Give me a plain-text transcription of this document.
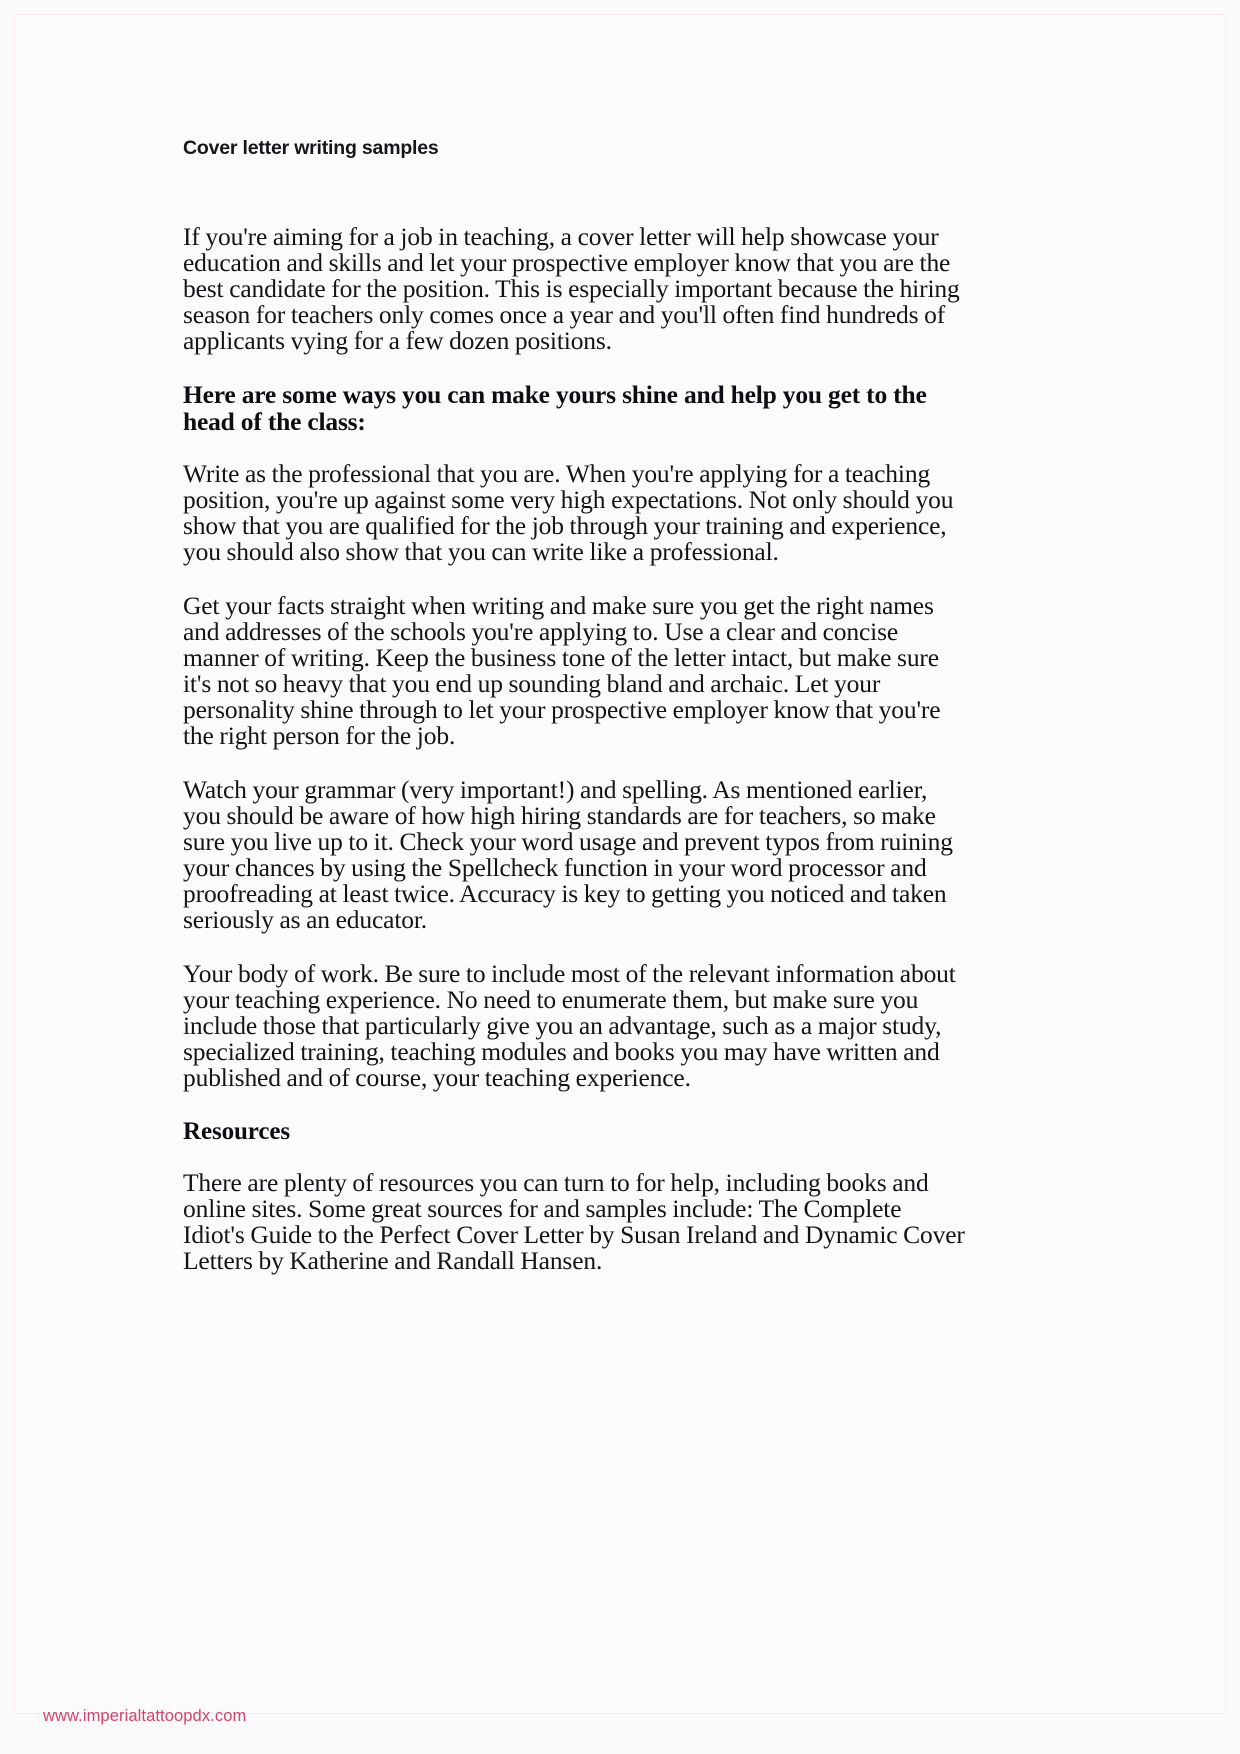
Cover letter writing samples

If you're aiming for a job in teaching, a cover letter will help showcase your education and skills and let your prospective employer know that you are the best candidate for the position. This is especially important because the hiring season for teachers only comes once a year and you'll often find hundreds of applicants vying for a few dozen positions.

Here are some ways you can make yours shine and help you get to the head of the class:

Write as the professional that you are. When you're applying for a teaching position, you're up against some very high expectations. Not only should you show that you are qualified for the job through your training and experience, you should also show that you can write like a professional.

Get your facts straight when writing and make sure you get the right names and addresses of the schools you're applying to. Use a clear and concise manner of writing. Keep the business tone of the letter intact, but make sure it's not so heavy that you end up sounding bland and archaic. Let your personality shine through to let your prospective employer know that you're the right person for the job.

Watch your grammar (very important!) and spelling. As mentioned earlier, you should be aware of how high hiring standards are for teachers, so make sure you live up to it. Check your word usage and prevent typos from ruining your chances by using the Spellcheck function in your word processor and proofreading at least twice. Accuracy is key to getting you noticed and taken seriously as an educator.

Your body of work. Be sure to include most of the relevant information about your teaching experience. No need to enumerate them, but make sure you include those that particularly give you an advantage, such as a major study, specialized training, teaching modules and books you may have written and published and of course, your teaching experience.

Resources

There are plenty of resources you can turn to for help, including books and online sites. Some great sources for and samples include: The Complete Idiot's Guide to the Perfect Cover Letter by Susan Ireland and Dynamic Cover Letters by Katherine and Randall Hansen.

www.imperialtattoopdx.com
